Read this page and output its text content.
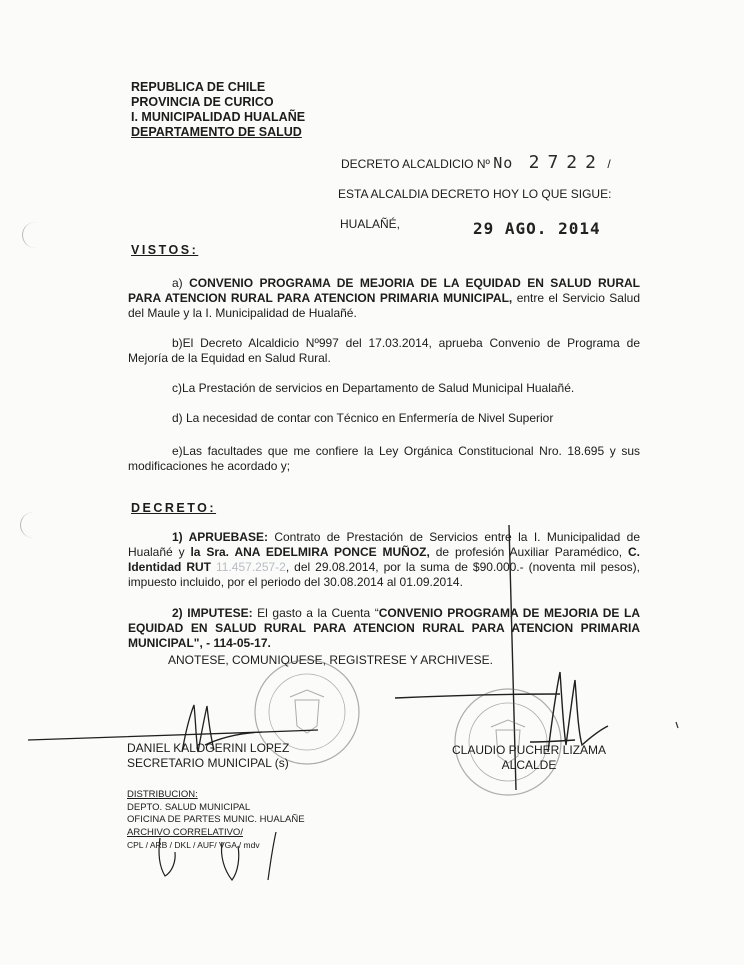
REPUBLICA DE CHILE
PROVINCIA DE CURICO
I. MUNICIPALIDAD HUALAÑE
DEPARTAMENTO DE SALUD
DECRETO ALCALDICIO Nº No 2722 /
ESTA ALCALDIA DECRETO HOY LO QUE SIGUE:
HUALAÑÉ,	29 AGO. 2014
VISTOS:
a) CONVENIO PROGRAMA DE MEJORIA DE LA EQUIDAD EN SALUD RURAL PARA ATENCION RURAL PARA ATENCION PRIMARIA MUNICIPAL, entre el Servicio Salud del Maule y la I. Municipalidad de Hualañé.
b)El Decreto Alcaldicio Nº997 del 17.03.2014, aprueba Convenio de Programa de Mejoría de la Equidad en Salud Rural.
c)La Prestación de servicios en Departamento de Salud Municipal Hualañé.
d) La necesidad de contar con Técnico en Enfermería de Nivel Superior
e)Las facultades que me confiere la Ley Orgánica Constitucional Nro. 18.695 y sus modificaciones he acordado y;
DECRETO:
1) APRUEBASE: Contrato de Prestación de Servicios entre la I. Municipalidad de Hualañé y la Sra. ANA EDELMIRA PONCE MUÑOZ, de profesión Auxiliar Paramédico, C. Identidad RUT 11.457.257-2, del 29.08.2014, por la suma de $90.000.- (noventa mil pesos), impuesto incluido, por el periodo del 30.08.2014 al 01.09.2014.
2) IMPUTESE: El gasto a la Cuenta “CONVENIO PROGRAMA DE MEJORIA DE LA EQUIDAD EN SALUD RURAL PARA ATENCION RURAL PARA ATENCION PRIMARIA MUNICIPAL", - 114-05-17.
ANOTESE, COMUNIQUESE, REGISTRESE Y ARCHIVESE.
DANIEL KALOGERINI LOPEZ
SECRETARIO MUNICIPAL (s)
CLAUDIO PUCHER LIZAMA
ALCALDE
DISTRIBUCION:
DEPTO. SALUD MUNICIPAL
OFICINA DE PARTES MUNIC. HUALAÑE
ARCHIVO CORRELATIVO/
CPL / ARB / DKL / AUF/ VGA / mdv
